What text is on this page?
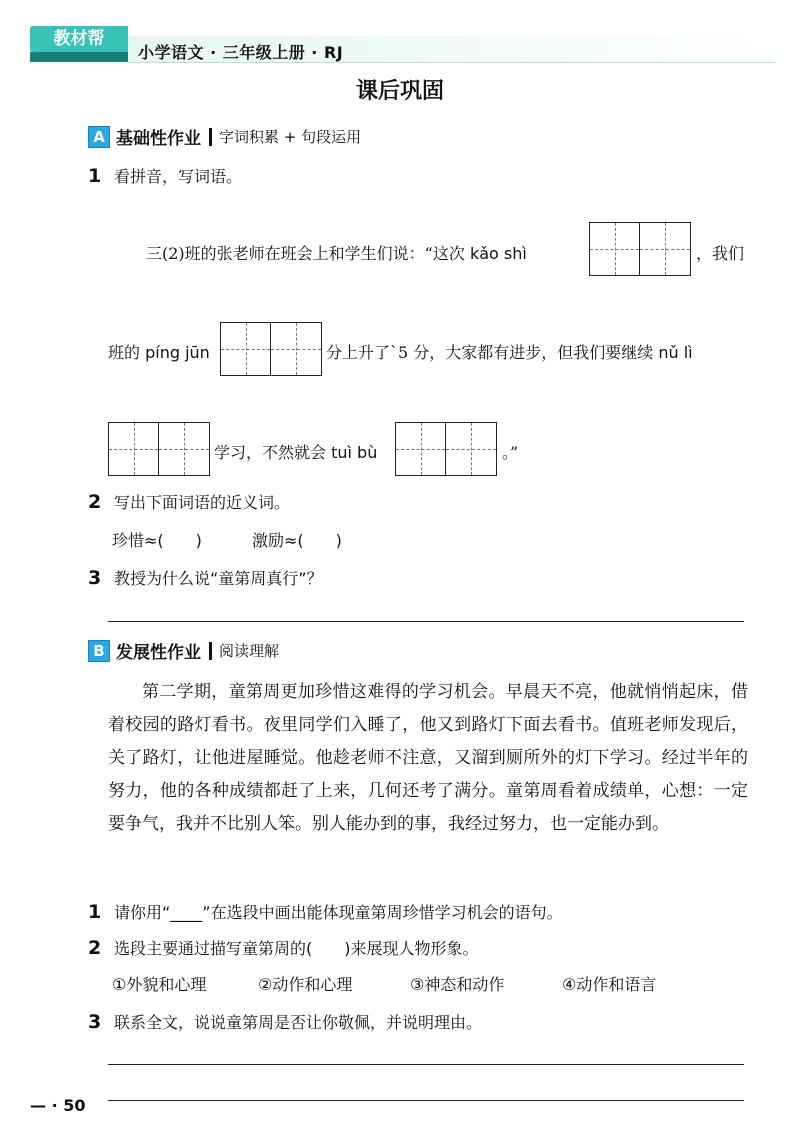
教材帮
小学语文 · 三年级上册 · RJ
课后巩固
A 基础性作业 字词积累 + 句段运用
1 看拼音，写词语。
三(2)班的张老师在班会上和学生们说：“这次 kǎo shì	，我们
班的 píng jūn	分上升了`5 分，大家都有进步，但我们要继续 nǔ lì
学习，不然就会 tuì bù	。”
2 写出下面词语的近义词。
珍惜≈(　　)	激励≈(　　)
3 教授为什么说“童第周真行”？
B 发展性作业 阅读理解

第二学期，童第周更加珍惜这难得的学习机会。早晨天不亮，他就悄悄起床，借着校园的路灯看书。夜里同学们入睡了，他又到路灯下面去看书。值班老师发现后，关了路灯，让他进屋睡觉。他趁老师不注意，又溜到厕所外的灯下学习。经过半年的努力，他的各种成绩都赶了上来，几何还考了满分。童第周看着成绩单，心想：一定要争气，我并不比别人笨。别人能办到的事，我经过努力，也一定能办到。

1 请你用“____”在选段中画出能体现童第周珍惜学习机会的语句。
2 选段主要通过描写童第周的(　　)来展现人物形象。
①外貌和心理	②动作和心理	③神态和动作	④动作和语言
3 联系全文，说说童第周是否让你敬佩，并说明理由。
— · 50
